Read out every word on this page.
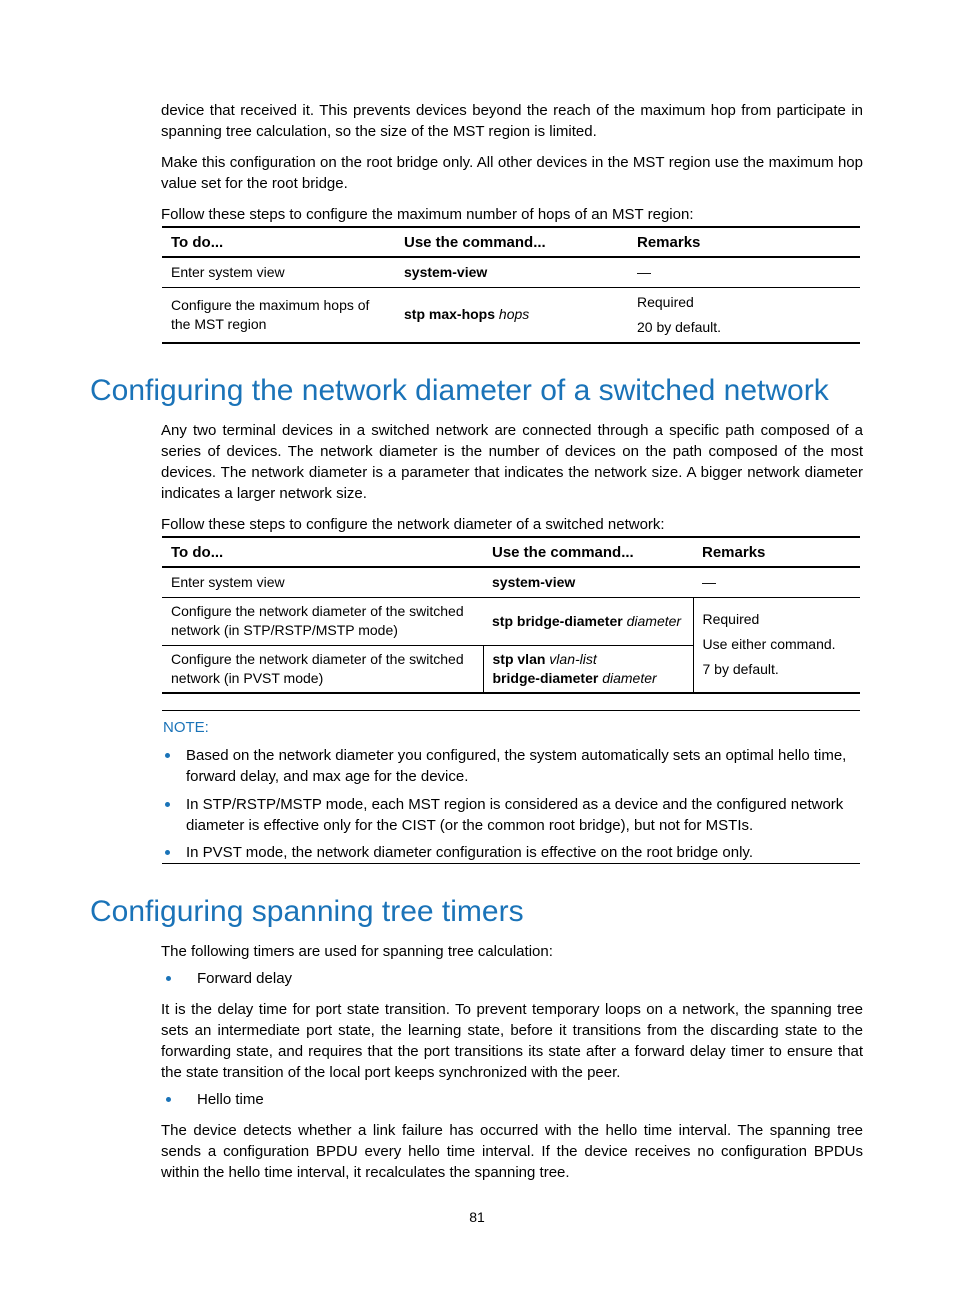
device that received it. This prevents devices beyond the reach of the maximum hop from participate in spanning tree calculation, so the size of the MST region is limited.

Make this configuration on the root bridge only. All other devices in the MST region use the maximum hop value set for the root bridge.

Follow these steps to configure the maximum number of hops of an MST region:

To do...	Use the command...	Remarks
Enter system view	system-view	—
Configure the maximum hops of the MST region	stp max-hops hops	Required
20 by default.
Configuring the network diameter of a switched network

Any two terminal devices in a switched network are connected through a specific path composed of a series of devices. The network diameter is the number of devices on the path composed of the most devices. The network diameter is a parameter that indicates the network size. A bigger network diameter indicates a larger network size.

Follow these steps to configure the network diameter of a switched network:

To do...	Use the command...	Remarks
Enter system view	system-view	—
Configure the network diameter of the switched network (in STP/RSTP/MSTP mode)	stp bridge-diameter diameter	Required
Use either command.
7 by default.

Configure the network diameter of the switched network (in PVST mode)	stp vlan vlan-list
bridge-diameter diameter	
NOTE:

Based on the network diameter you configured, the system automatically sets an optimal hello time, forward delay, and max age for the device.

In STP/RSTP/MSTP mode, each MST region is considered as a device and the configured network diameter is effective only for the CIST (or the common root bridge), but not for MSTIs.

In PVST mode, the network diameter configuration is effective on the root bridge only.

Configuring spanning tree timers

The following timers are used for spanning tree calculation:

Forward delay

It is the delay time for port state transition. To prevent temporary loops on a network, the spanning tree sets an intermediate port state, the learning state, before it transitions from the discarding state to the forwarding state, and requires that the port transitions its state after a forward delay timer to ensure that the state transition of the local port keeps synchronized with the peer.

Hello time

The device detects whether a link failure has occurred with the hello time interval. The spanning tree sends a configuration BPDU every hello time interval. If the device receives no configuration BPDUs within the hello time interval, it recalculates the spanning tree.

81
